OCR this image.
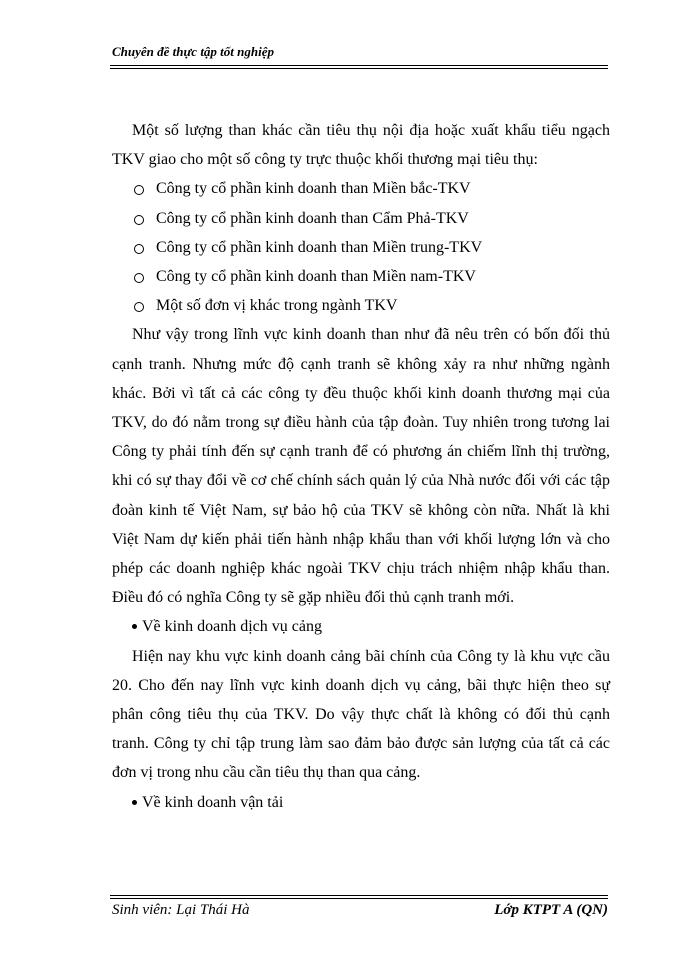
Chuyên đề thực tập tốt nghiệp

Một số lượng than khác cần tiêu thụ nội địa hoặc xuất khẩu tiểu ngạch TKV giao cho một số công ty trực thuộc khối thương mại tiêu thụ:

Công ty cổ phần kinh doanh than Miền bắc-TKV
Công ty cổ phần kinh doanh than Cẩm Phả-TKV
Công ty cổ phần kinh doanh than Miền trung-TKV
Công ty cổ phần kinh doanh than Miền nam-TKV
Một số đơn vị khác trong ngành TKV

Như vậy trong lĩnh vực kinh doanh than như đã nêu trên có bốn đối thủ cạnh tranh. Nhưng mức độ cạnh tranh sẽ không xảy ra như những ngành khác. Bởi vì tất cả các công ty đều thuộc khối kinh doanh thương mại của TKV, do đó nằm trong sự điều hành của tập đoàn. Tuy nhiên trong tương lai Công ty phải tính đến sự cạnh tranh để có phương án chiếm lĩnh thị trường, khi có sự thay đổi về cơ chế chính sách quản lý của Nhà nước đối với các tập đoàn kinh tế Việt Nam, sự bảo hộ của TKV sẽ không còn nữa. Nhất là khi Việt Nam dự kiến phải tiến hành nhập khẩu than với khối lượng lớn và cho phép các doanh nghiệp khác ngoài TKV chịu trách nhiệm nhập khẩu than. Điều đó có nghĩa Công ty sẽ gặp nhiều đối thủ cạnh tranh mới.

Về kinh doanh dịch vụ cảng

Hiện nay khu vực kinh doanh cảng bãi chính của Công ty là khu vực cầu 20. Cho đến nay lĩnh vực kinh doanh dịch vụ cảng, bãi thực hiện theo sự phân công tiêu thụ của TKV. Do vậy thực chất là không có đối thủ cạnh tranh. Công ty chỉ tập trung làm sao đảm bảo được sản lượng của tất cả các đơn vị trong nhu cầu cần tiêu thụ than qua cảng.

Về kinh doanh vận tải

Sinh viên: Lại Thái Hà	Lớp KTPT A (QN)
